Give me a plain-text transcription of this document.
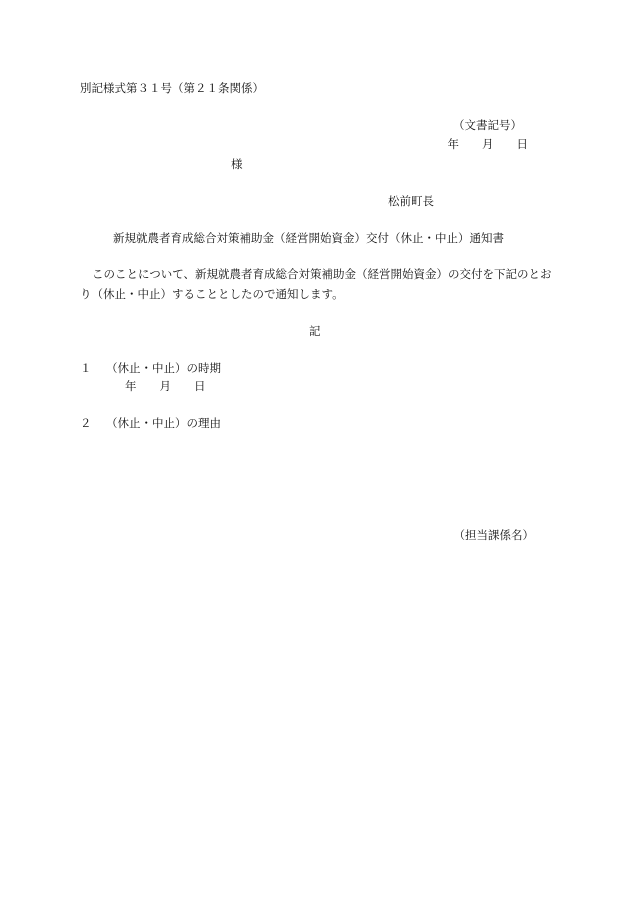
別記様式第３１号（第２１条関係）

（文書記号）

年　　月　　日

様

松前町長

新規就農者育成総合対策補助金（経営開始資金）交付（休止・中止）通知書

このことについて、新規就農者育成総合対策補助金（経営開始資金）の交付を下記のとおり（休止・中止）することとしたので通知します。

記

１ （休止・中止）の時期

年　　月　　日

２ （休止・中止）の理由

（担当課係名）
